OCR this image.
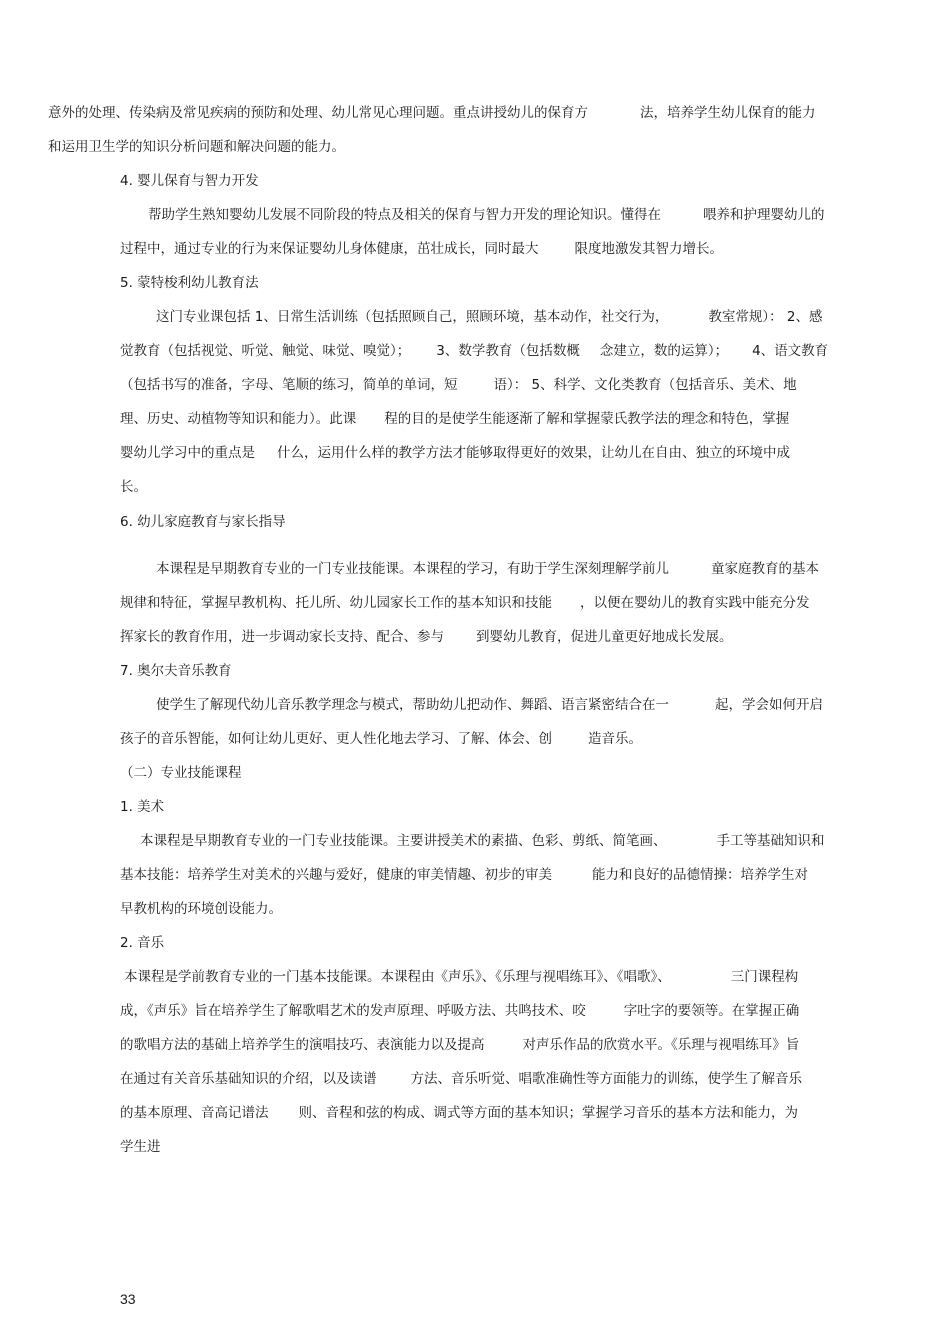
意外的处理、传染病及常见疾病的预防和处理、幼儿常见心理问题。重点讲授幼儿的保育方	法，培养学生幼儿保育的能力
和运用卫生学的知识分析问题和解决问题的能力。
4. 婴儿保育与智力开发
帮助学生熟知婴幼儿发展不同阶段的特点及相关的保育与智力开发的理论知识。懂得在	喂养和护理婴幼儿的
过程中，通过专业的行为来保证婴幼儿身体健康，茁壮成长，同时最大	限度地激发其智力增长。
5. 蒙特梭利幼儿教育法
这门专业课包括 1、日常生活训练（包括照顾自己，照顾环境，基本动作，社交行为，	教室常规）： 2、感
觉教育（包括视觉、听觉、触觉、味觉、嗅觉）； 3、数学教育（包括数概 念建立，数的运算）； 4、语文教育
（包括书写的准备，字母、笔顺的练习，简单的单词，短	语）： 5、科学、文化类教育（包括音乐、美术、地
理、历史、动植物等知识和能力）。此课 程的目的是使学生能逐渐了解和掌握蒙氏教学法的理念和特色，掌握
婴幼儿学习中的重点是 什么，运用什么样的教学方法才能够取得更好的效果，让幼儿在自由、独立的环境中成
长。
6. 幼儿家庭教育与家长指导
本课程是早期教育专业的一门专业技能课。本课程的学习，有助于学生深刻理解学前儿	童家庭教育的基本
规律和特征，掌握早教机构、托儿所、幼儿园家长工作的基本知识和技能 ，以便在婴幼儿的教育实践中能充分发
挥家长的教育作用，进一步调动家长支持、配合、参与 到婴幼儿教育，促进儿童更好地成长发展。
7. 奥尔夫音乐教育
使学生了解现代幼儿音乐教学理念与模式，帮助幼儿把动作、舞蹈、语言紧密结合在一	起，学会如何开启
孩子的音乐智能，如何让幼儿更好、更人性化地去学习、了解、体会、创	造音乐。
（二）专业技能课程
1. 美术
本课程是早期教育专业的一门专业技能课。主要讲授美术的素描、色彩、剪纸、简笔画、	手工等基础知识和
基本技能：培养学生对美术的兴趣与爱好，健康的审美情趣、初步的审美	能力和良好的品德情操：培养学生对
早教机构的环境创设能力。
2. 音乐
本课程是学前教育专业的一门基本技能课。本课程由《声乐》、《乐理与视唱练耳》、《唱歌》、	三门课程构
成，《声乐》旨在培养学生了解歌唱艺术的发声原理、呼吸方法、共鸣技术、咬	字吐字的要领等。在掌握正确
的歌唱方法的基础上培养学生的演唱技巧、表演能力以及提高	对声乐作品的欣赏水平。《乐理与视唱练耳》旨
在通过有关音乐基础知识的介绍，以及读谱	方法、音乐听觉、唱歌准确性等方面能力的训练，使学生了解音乐
的基本原理、音高记谱法 则、音程和弦的构成、调式等方面的基本知识；掌握学习音乐的基本方法和能力，为
学生进
33
